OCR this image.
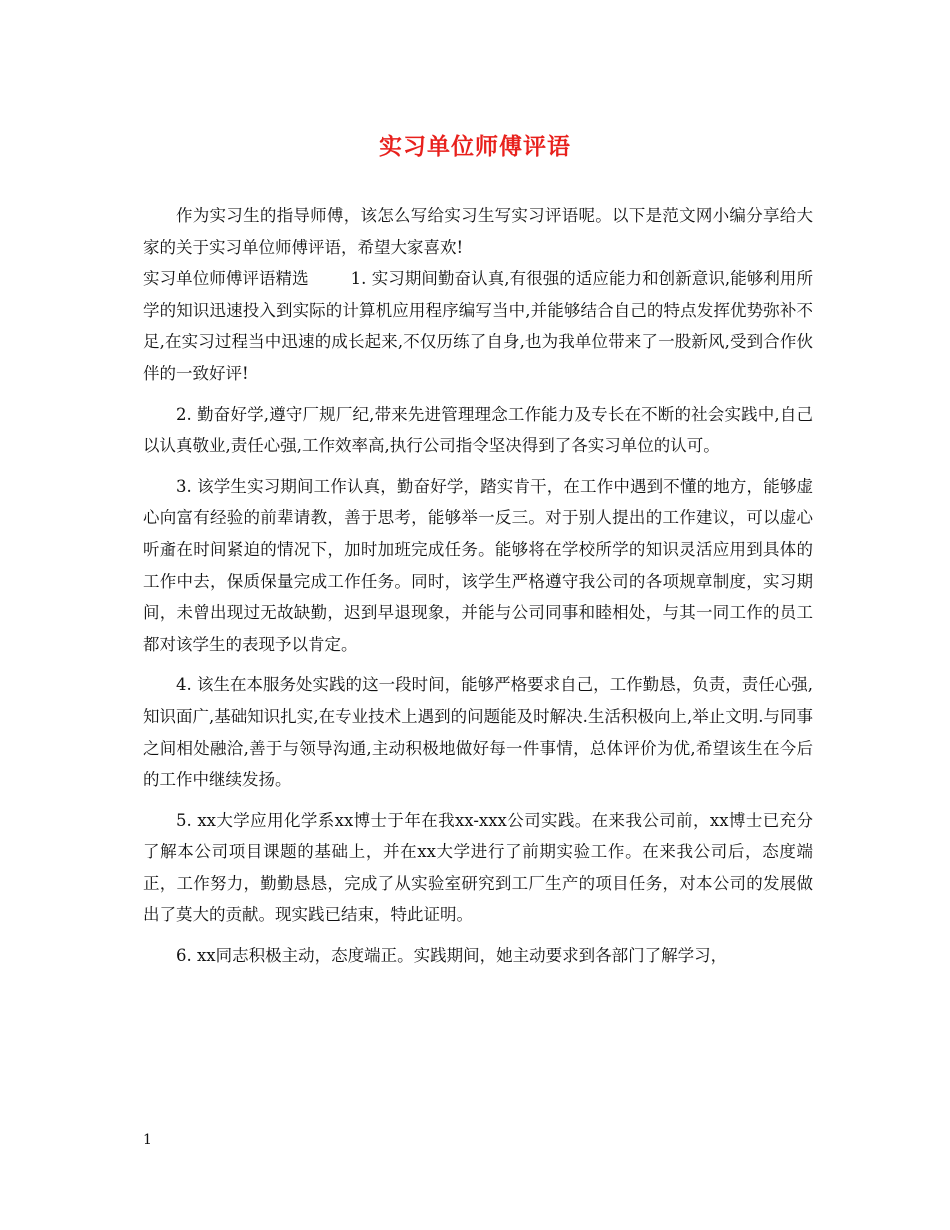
实习单位师傅评语

作为实习生的指导师傅，该怎么写给实习生写实习评语呢。以下是范文网小编分享给大家的关于实习单位师傅评语，希望大家喜欢!

实习单位师傅评语精选	1. 实习期间勤奋认真,有很强的适应能力和创新意识,能够利用所学的知识迅速投入到实际的计算机应用程序编写当中,并能够结合自己的特点发挥优势弥补不足,在实习过程当中迅速的成长起来,不仅历练了自身,也为我单位带来了一股新风,受到合作伙伴的一致好评!

2. 勤奋好学,遵守厂规厂纪,带来先进管理理念工作能力及专长在不断的社会实践中,自己以认真敬业,责任心强,工作效率高,执行公司指令坚决得到了各实习单位的认可。

3. 该学生实习期间工作认真，勤奋好学，踏实肯干，在工作中遇到不懂的地方，能够虚心向富有经验的前辈请教，善于思考，能够举一反三。对于别人提出的工作建议，可以虚心听齑在时间紧迫的情况下，加时加班完成任务。能够将在学校所学的知识灵活应用到具体的工作中去，保质保量完成工作任务。同时，该学生严格遵守我公司的各项规章制度，实习期间，未曾出现过无故缺勤，迟到早退现象，并能与公司同事和睦相处，与其一同工作的员工都对该学生的表现予以肯定。

4. 该生在本服务处实践的这一段时间，能够严格要求自己，工作勤恳，负责，责任心强,知识面广,基础知识扎实,在专业技术上遇到的问题能及时解决.生活积极向上,举止文明.与同事之间相处融洽,善于与领导沟通,主动积极地做好每一件事情，总体评价为优,希望该生在今后的工作中继续发扬。

5. xx大学应用化学系xx博士于年在我xx-xxx公司实践。在来我公司前，xx博士已充分了解本公司项目课题的基础上，并在xx大学进行了前期实验工作。在来我公司后，态度端正，工作努力，勤勤恳恳，完成了从实验室研究到工厂生产的项目任务，对本公司的发展做出了莫大的贡献。现实践已结束，特此证明。

6. xx同志积极主动，态度端正。实践期间，她主动要求到各部门了解学习，

1
